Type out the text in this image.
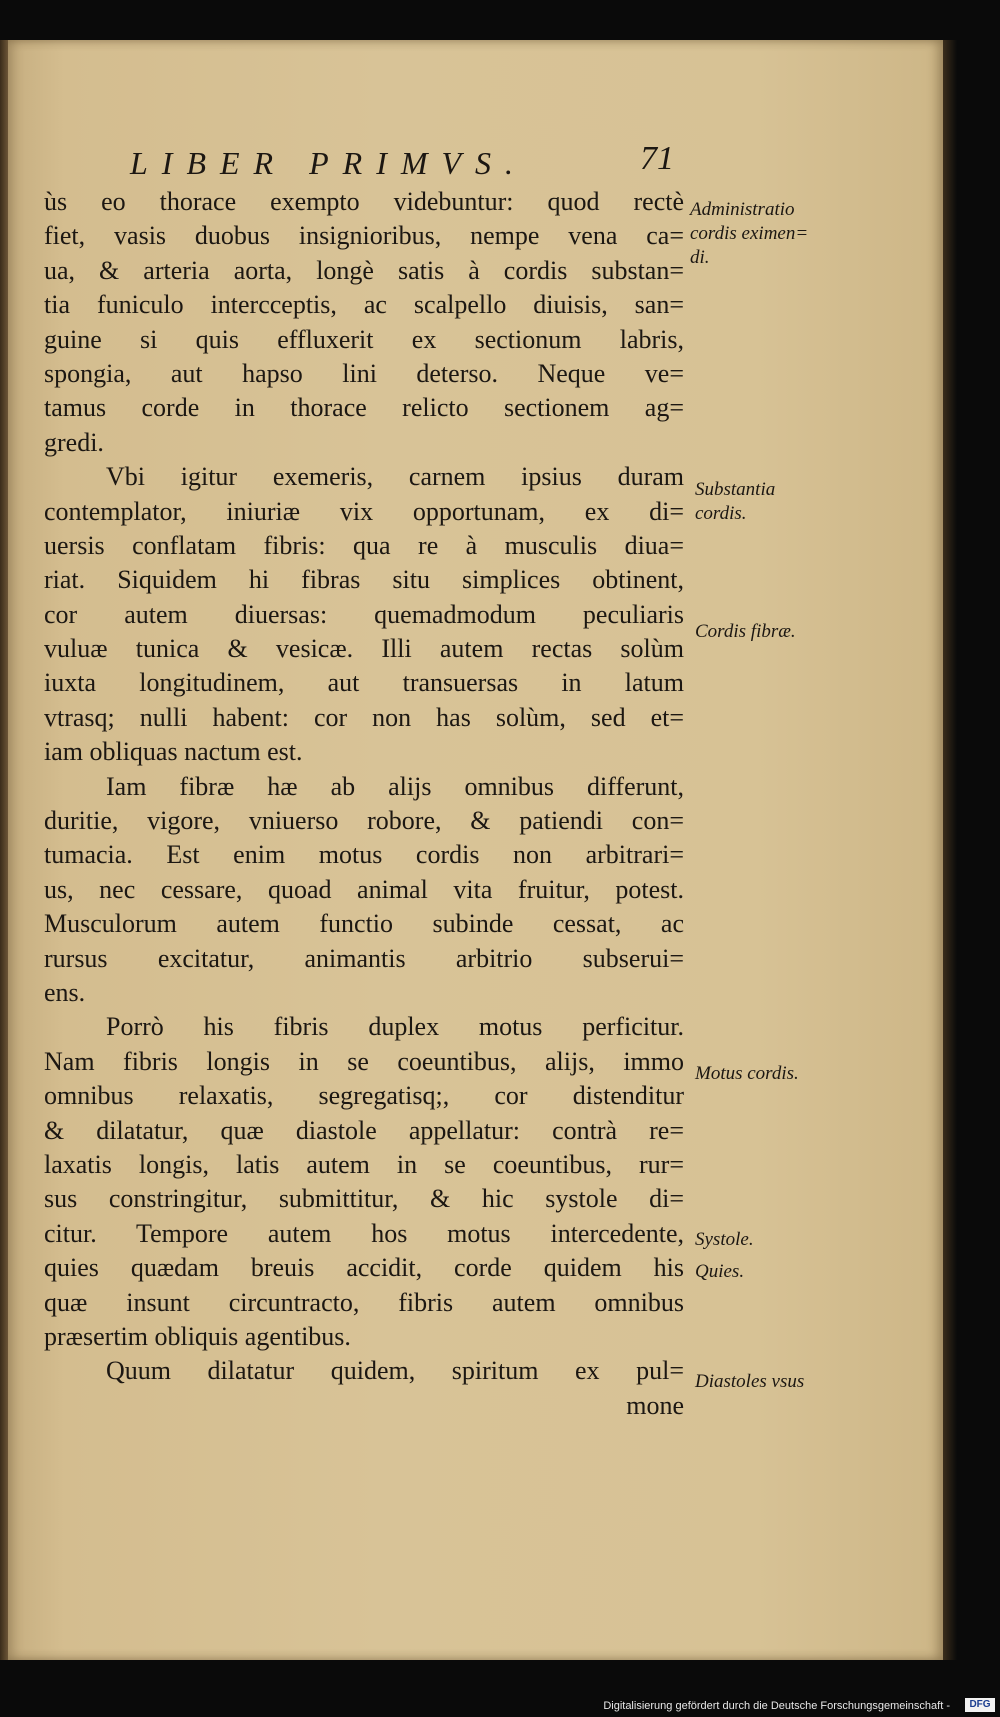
LIBER PRIMVS.	71
ùs eo thorace exempto videbuntur: quod rectè
fiet, vasis duobus insignioribus, nempe vena ca=
ua, & arteria aorta, longè satis à cordis substan=
tia funiculo intercceptis, ac scalpello diuisis, san=
guine si quis effluxerit ex sectionum labris,
spongia, aut hapso lini deterso. Neque ve=
tamus corde in thorace relicto sectionem ag=
gredi.
Vbi igitur exemeris, carnem ipsius duram
contemplator, iniuriæ vix opportunam, ex di=
uersis conflatam fibris: qua re à musculis diua=
riat. Siquidem hi fibras situ simplices obtinent,
cor autem diuersas: quemadmodum peculiaris
vuluæ tunica & vesicæ. Illi autem rectas solùm
iuxta longitudinem, aut transuersas in latum
vtrasq; nulli habent: cor non has solùm, sed et=
iam obliquas nactum est.
Iam fibræ hæ ab alijs omnibus differunt,
duritie, vigore, vniuerso robore, & patiendi con=
tumacia. Est enim motus cordis non arbitrari=
us, nec cessare, quoad animal vita fruitur, potest.
Musculorum autem functio subinde cessat, ac
rursus excitatur, animantis arbitrio subserui=
ens.
Porrò his fibris duplex motus perficitur.
Nam fibris longis in se coeuntibus, alijs, immo
omnibus relaxatis, segregatisq;, cor distenditur
& dilatatur, quæ diastole appellatur: contrà re=
laxatis longis, latis autem in se coeuntibus, rur=
sus constringitur, submittitur, & hic systole di=
citur. Tempore autem hos motus intercedente,
quies quædam breuis accidit, corde quidem his
quæ insunt circuntracto, fibris autem omnibus
præsertim obliquis agentibus.
Quum dilatatur quidem, spiritum ex pul=
mone
Administratio
cordis eximen=
di.
Substantia
cordis.
Cordis fibræ.
Motus cordis.
Systole.
Quies.
Diastoles vsus
Digitalisierung gefördert durch die Deutsche Forschungsgemeinschaft -	DFG
